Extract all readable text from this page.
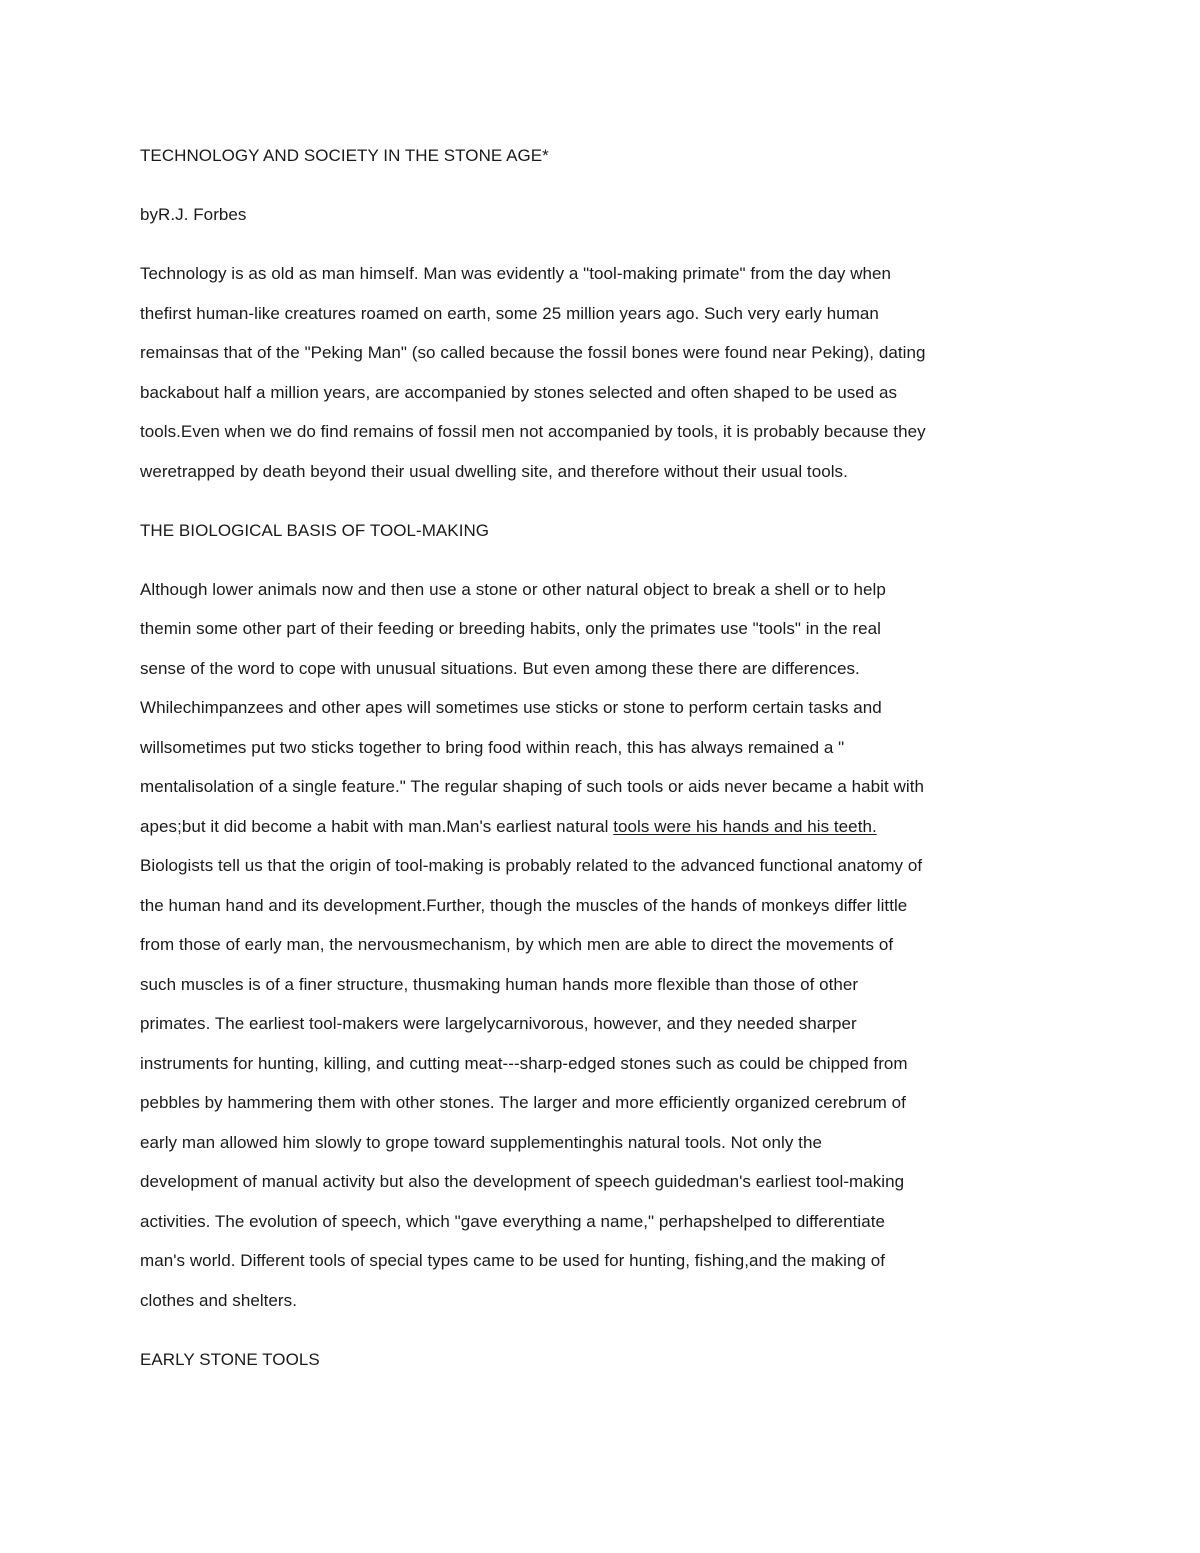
TECHNOLOGY AND SOCIETY IN THE STONE AGE*
byR.J. Forbes
Technology is as old as man himself. Man was evidently a "tool-making primate" from the day when
thefirst human-like creatures roamed on earth, some 25 million years ago. Such very early human
remainsas that of the "Peking Man" (so called because the fossil bones were found near Peking), dating
backabout half a million years, are accompanied by stones selected and often shaped to be used as
tools.Even when we do find remains of fossil men not accompanied by tools, it is probably because they
weretrapped by death beyond their usual dwelling site, and therefore without their usual tools.
THE BIOLOGICAL BASIS OF TOOL-MAKING
Although lower animals now and then use a stone or other natural object to break a shell or to help
themin some other part of their feeding or breeding habits, only the primates use "tools" in the real
sense of the word to cope with unusual situations. But even among these there are differences.
Whilechimpanzees and other apes will sometimes use sticks or stone to perform certain tasks and
willsometimes put two sticks together to bring food within reach, this has always remained a "
mentalisolation of a single feature." The regular shaping of such tools or aids never became a habit with
apes;but it did become a habit with man.Man's earliest natural tools were his hands and his teeth.
Biologists tell us that the origin of tool-making is probably related to the advanced functional anatomy of
the human hand and its development.Further, though the muscles of the hands of monkeys differ little
from those of early man, the nervousmechanism, by which men are able to direct the movements of
such muscles is of a finer structure, thusmaking human hands more flexible than those of other
primates. The earliest tool-makers were largelycarnivorous, however, and they needed sharper
instruments for hunting, killing, and cutting meat---sharp-edged stones such as could be chipped from
pebbles by hammering them with other stones. The larger and more efficiently organized cerebrum of
early man allowed him slowly to grope toward supplementinghis natural tools. Not only the
development of manual activity but also the development of speech guidedman's earliest tool-making
activities. The evolution of speech, which "gave everything a name," perhapshelped to differentiate
man's world. Different tools of special types came to be used for hunting, fishing,and the making of
clothes and shelters.
EARLY STONE TOOLS
